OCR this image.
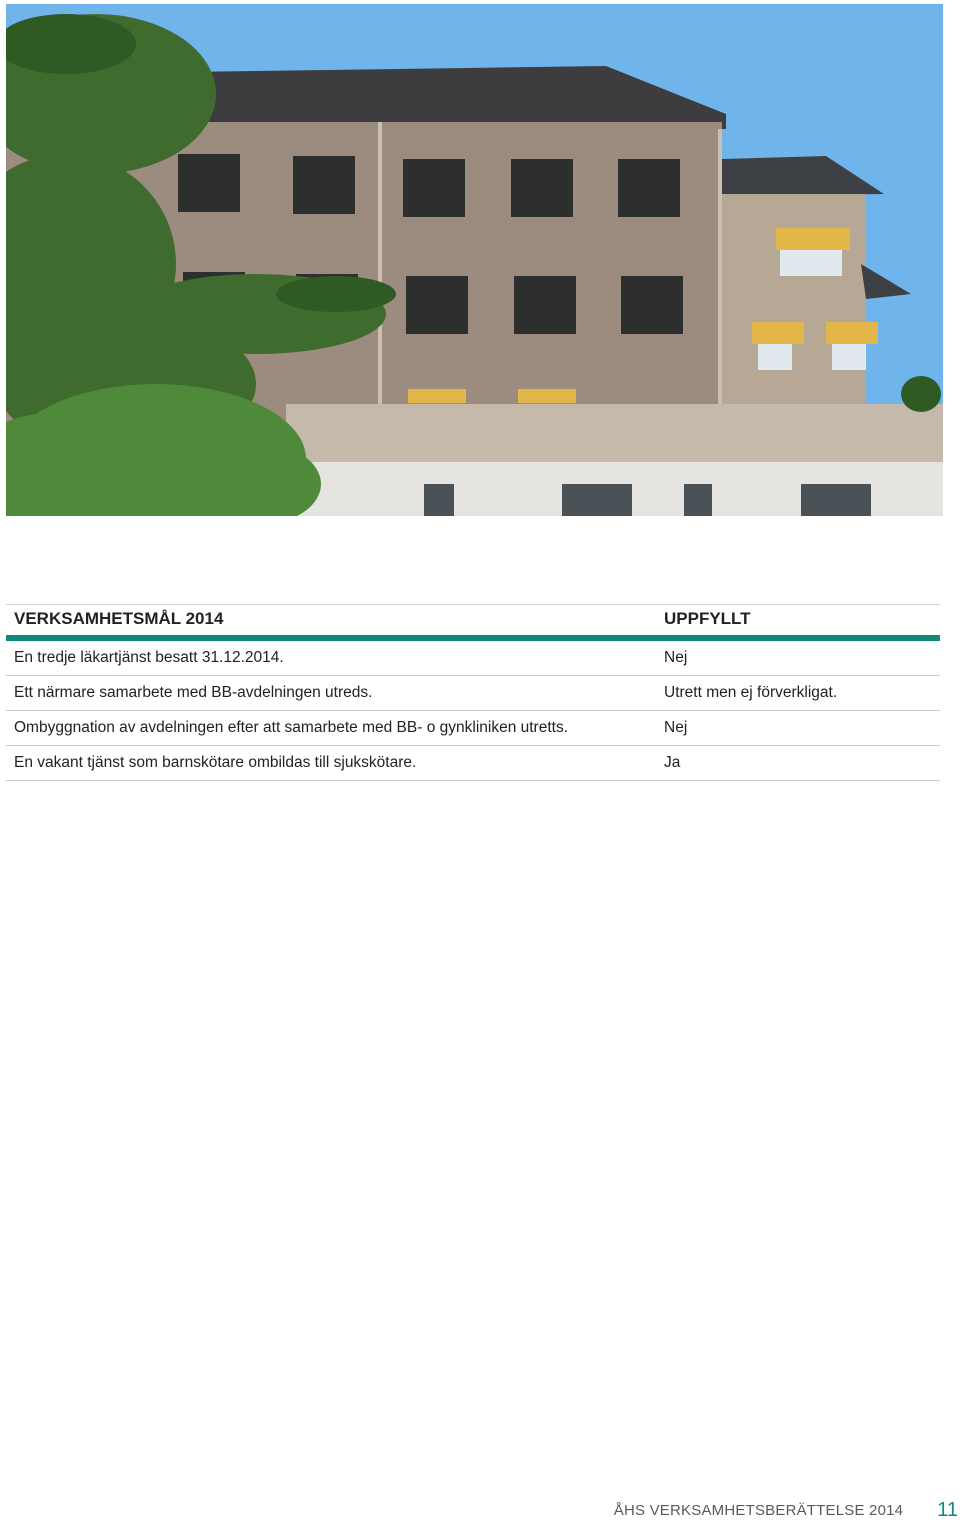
VERKSAMHETSMÅL 2014	UPPFYLLT
En tredje läkartjänst besatt 31.12.2014.	Nej
Ett närmare samarbete med BB-avdelningen utreds.	Utrett men ej förverkligat.
Ombyggnation av avdelningen efter att samarbete med BB- o gynkliniken utretts.	Nej
En vakant tjänst som barnskötare ombildas till sjukskötare.	Ja
ÅHS VERKSAMHETSBERÄTTELSE 2014 11
